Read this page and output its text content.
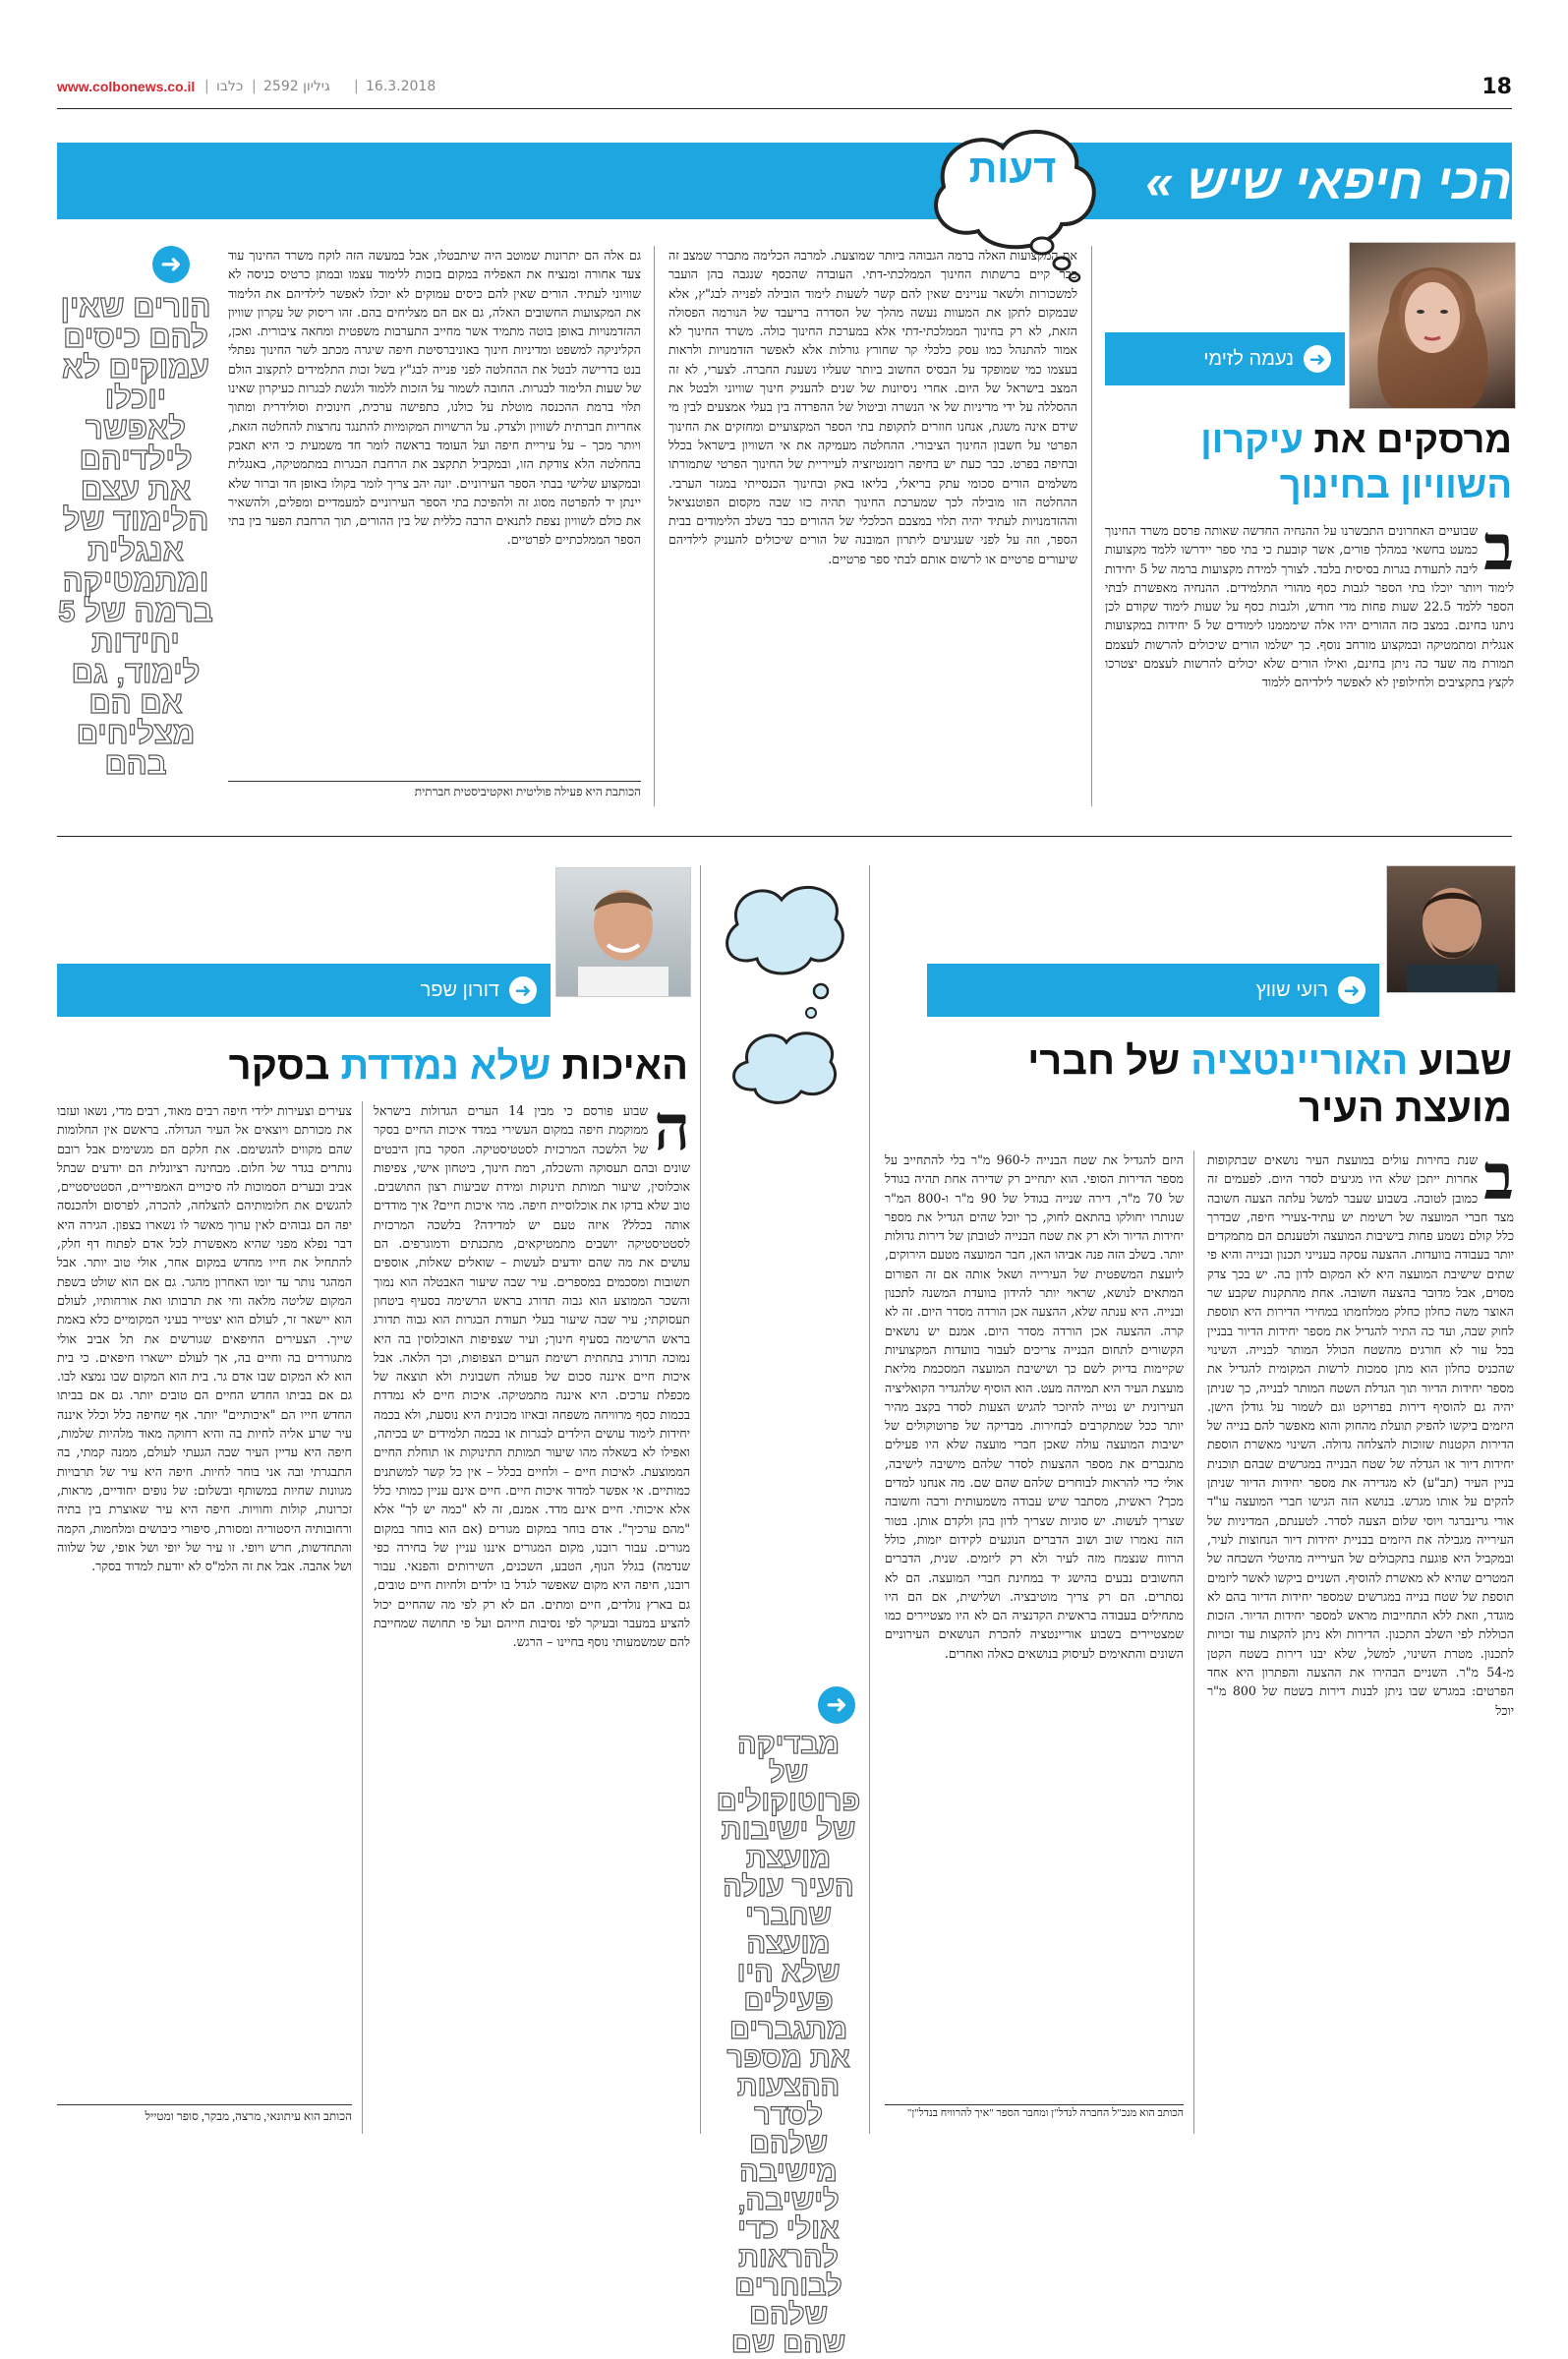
www.colbonews.co.il | כלבו | גיליון 2592 | 16.3.2018	18
הכי חיפאי שיש
»
דעות
➜
נעמה לזימי
מרסקים את עיקרון
השוויון בחינוך
ב
שבועיים האחרונים התבשרנו על ההנחיה החדשה שאותה פרסם משרד החינוך כמעט בחשאי במהלך פורים, אשר קובעת כי בתי ספר יידרשו ללמד מקצועות ליבה לתעודת בגרות בסיסית בלבד. לצורך למידת מקצועות ברמה של 5 יחידות לימוד ויותר יוכלו בתי הספר לגבות כסף מהורי התלמידים. ההנחיה מאפשרת לבתי הספר ללמד 22.5 שעות פחות מדי חודש, ולגבות כסף על שעות לימוד שקודם לכן ניתנו בחינם. במצב כזה ההורים יהיו אלה שימממנו לימודים של 5 יחידות במקצועות אנגלית ומתמטיקה ובמקצוע מורחב נוסף. כך ישלמו הורים שיכולים להרשות לעצמם תמורת מה שעד כה ניתן בחינם, ואילו הורים שלא יכולים להרשות לעצמם יצטרכו לקצץ בתקציבים ולחילופין לא לאפשר לילדיהם ללמוד
את המקצועות האלה ברמה הגבוהה ביותר שמוצעת. למרבה הכלימה מתברר שמצב זה כבר קיים ברשתות החינוך הממלכתי-דתי. העובדה שהכסף שנגבה בהן הועבר למשכורות ולשאר עניינים שאין להם קשר לשעות לימוד הובילה לפנייה לבג"ץ, אלא שבמקום לתקן את המעוות נעשה מהלך של הסדרה בריעבד של הנורמה הפסולה הזאת, לא רק בחינוך הממלכתי-דתי אלא במערכת החינוך כולה. משרד החינוך לא אמור להתנהל כמו עסק כלכלי קר שחורץ גורלות אלא לאפשר הזדמנויות ולראות בעצמו כמי שמופקד על הבסיס החשוב ביותר שעליו נשענת החברה. לצערי, לא זה המצב בישראל של היום. אחרי ניסיונות של שנים להעניק חינוך שוויוני ולבטל את ההסללה על ידי מדיניות של אי הנשרה וביטול של ההפרדה בין בעלי אמצעים לבין מי שידם אינה משגת, אנחנו חוזרים לתקופת בתי הספר המקצועיים ומחזקים את החינוך הפרטי על חשבון החינוך הציבורי. ההחלטה מעמיקה את אי השוויון בישראל בכלל ובחיפה בפרט. כבר כעת יש בחיפה רומנטיזציה לעייריית של החינוך הפרטי שתמורתו משלמים הורים סכומי עתק בריאלי, בליאו באק ובחינוך הכנסייתי במגזר הערבי. ההחלטה הזו מובילה לכך שמערכת החינוך תהיה כזו שבה מקסום הפוטנציאל וההזדמנויות לעתיד יהיה תלוי במצבם הכלכלי של ההורים כבר בשלב הלימודים בבית הספר, וזה על לפני שעגיעים ליתרון המובנה של הורים שיכולים להעניק לילדיהם שיעורים פרטיים או לרשום אותם לבתי ספר פרטיים.
גם אלה הם יתרונות שמוטב היה שיתבטלו, אבל במעשה הזה לוקח משרד החינוך עוד צעד אחורה ומנציח את האפליה במקום בזכות ללימוד עצמו ובמתן כרטיס כניסה לא שוויוני לעתיד. הורים שאין להם כיסים עמוקים לא יוכלו לאפשר לילדיהם את הלימוד את המקצועות החשובים האלה, גם אם הם מצליחים בהם. זהו ריסוק של עקרון שוויון ההזדמנויות באופן בוטה מתמיד אשר מחייב התערבות משפטית ומחאה ציבורית. ואכן, הקליניקה למשפט ומדיניות חינוך באוניברסיטת חיפה שיגרה מכתב לשר החינוך נפתלי בנט בדרישה לבטל את ההחלטה לפני פנייה לבג"ץ בשל זכות התלמידים לתקצוב הולם של שעות הלימוד לבגרות. החובה לשמור על הזכות ללמוד ולגשת לבגרות כעיקרון שאינו תלוי ברמת ההכנסה מוטלת על כולנו, כתפישה ערכית, חינוכית וסולידרית ומתוך אחריות חברתית לשוויון ולצדק. על הרשויות המקומיות להתנגד נחרצות להחלטה הזאת, ויותר מכך – על עיריית חיפה ועל העומד בראשה לומר חד משמעית כי היא תאבק בהחלטה הלא צודקת הזו, ובמקביל תתקצב את הרחבת הבגרות במתמטיקה, באנגלית ובמקצוע שלישי בבתי הספר העירוניים. יונה יהב צריך לומר בקולו באופן חד וברור שלא יינתן יד להפרטה מסוג זה ולהפיכת בתי הספר העירוניים למעמדיים ומפלים, ולהשאיר את כולם לשוויון נצפת לתנאים הרבה כללית של בין ההורים, תוך הרחבת הפער בין בתי הספר הממלכתיים לפרטיים.
הכותבת היא פעילה פוליטית ואקטיביסטית חברתית
➜
הורים שאין להם כיסים עמוקים לא יוכלו לאפשר לילדיהם את עצם הלימוד של אנגלית ומתמטיקה ברמה של 5 יחידות לימוד, גם אם הם מצליחים בהם
➜
רועי שווץ
שבוע האוריינטציה של חברי
מועצת העיר
ב
שנת בחירות עולים במועצת העיר נושאים שבתקופות אחרות ייתכן שלא היו מגיעים לסדר היום. לפעמים זה כמובן לטובה. בשבוע שעבר למשל עלתה הצעה חשובה מצד חברי המועצה של רשימת יש עתיד-צעירי חיפה, שבדרך כלל קולם נשמע פחות בישיבות המועצה ולטענתם הם מתמקדים יותר בעבודה בוועדות. ההצעה עסקה בענייני תכנון ובנייה והיא פי שתים שישיבת המועצה היא לא המקום לדון בה. יש בכך צדק מסוים, אבל מדובר בהצעה חשובה. אחת מהתקנות שקבע שר האוצר משה כחלון כחלק ממלחמתו במחירי הדירות היא תוספת לחוק שבה, ועד כה התיר להגדיל את מספר יחידות הדיור בבניין בכל עור לא חורגים מהשטח הכולל המותר לבנייה. השינוי שהכניס כחלון הוא מתן סמכות לרשות המקומית להגדיל את מספר יחידות הדיור תוך הגדלת השטח המותר לבנייה, כך שניתן יהיה גם להוסיף דירות בפרויקט וגם לשמור על גודלן הישן. היזמים ביקשו להפיק תועלת מהחוק והוא מאפשר להם בנייה של הדירות הקטנות שזוכות להצלחה גדולה. השינוי מאשרת הוספת יחידות דיור או הגדלה של שטח הבנייה במגרשים שבהם תוכנית בניין העיר (תב"ע) לא מגדירה את מספר יחידות הדיור שניתן להקים על אותו מגרש. בנושא הזה הגישו חברי המועצה עו"ד אורי גרינברגר ויוסי שלום הצעה לסדר. לטענתם, המדיניות של העירייה מגבילה את היזמים בבניית יחידות דיור הנחוצות לעיר, ובמקביל היא פוגעת בתקבולים של העירייה מהיטלי השבחה של המטרים שהיא לא מאשרת להוסיף. השניים ביקשו לאשר ליזמים תוספת של שטח בנייה במגרשים שמספר יחידות הדיור בהם לא מוגדר, וזאת ללא התחייבות מראש למספר יחידות הדיור. הזכות הכוללת לפי השלב התכנון. הדירות ולא ניתן להקצות עוד זכויות לתכנון. מטרת השינוי, למשל, שלא יבנו דירות בשטח הקטן מ-54 מ"ר. השניים הבהירו את ההצעה והפתרון היא אחד הפרטים: במגרש שבו ניתן לבנות דירות בשטח של 800 מ"ר יוכל
היזם להגדיל את שטח הבנייה ל-960 מ"ר בלי להתחייב על מספר הדירות הסופי. הוא יתחייב רק שדירה אחת תהיה בגודל של 70 מ"ר, דירה שנייה בגודל של 90 מ"ר ו-800 המ"ר שנותרו יחולקו בהתאם לחוק, כך יוכל שהים הגדיל את מספר יחידות הדיור ולא רק את שטח הבנייה לטובתן של דירות גדולות יותר. בשלב הזה פנה אביהו האן, חבר המועצה מטעם הירוקים, ליועצת המשפטית של העירייה ושאל אותה אם זה הפורום המתאים לנושא, שראוי יותר להידון בוועדת המשנה לתכנון ובנייה. היא ענתה שלא, ההצעה אכן הורדה מסדר היום. זה לא קרה. ההצעה אכן הורדה מסדר היום. אמנם יש נושאים הקשורים לתחום הבנייה צריכים לעבור בוועדות המקצועיות שקיימות בדיוק לשם כך ושישיבת המועצה המסכמת מליאת מועצת העיר היא תמיהה מעט. הוא הוסיף שלהגדיר הקואליציה העירונית יש נטייה להיזכר להגיש הצעות לסדר בקצב מהיר יותר ככל שמתקרבים לבחירות. מבדיקה של פרוטוקולים של ישיבות המועצה עולה שאכן חברי מועצה שלא היו פעילים מתגברים את מספר ההצעות לסדר שלהם מישיבה לישיבה, אולי כדי להראות לבוחרים שלהם שהם שם. מה אנחנו למדים מכך? ראשית, מסתבר שיש עבודה משמעותית ורבה וחשובה שצריך לעשות. יש סוגיות שצריך לדון בהן ולקדם אותן. בטור הזה נאמרו שוב ושוב הדברים הנוגעים לקידום יזמות, כולל הרווח שנצמח מזה לעיר ולא רק ליזמים. שנית, הדברים החשובים נבעים בהישג יד במחינת חברי המועצה. הם לא נסתרים. הם רק צריך מוטיבציה. ושלישית, אם הם היו מתחילים בעבודה בראשית הקדנציה הם לא היו מצטיירים כמו שמצטיירים בשבוע אוריינטציה להכרת הנושאים העירוניים השונים והתאימים לעיסוק בנושאים כאלה ואחרים.
הכותב הוא מנכ"ל החברה לנדל"ן ומחבר הספר "איך להרוויח בנדל"ן"
➜
מבדיקה של פרוטוקולים של ישיבות מועצת העיר עולה שחברי מועצה שלא היו פעילים מתגברים את מספר ההצעות לסדר שלהם מישיבה לישיבה, אולי כדי להראות לבוחרים שלהם שהם שם
➜
דורון שפר
האיכות שלא נמדדת בסקר
ה
שבוע פורסם כי מבין 14 הערים הגדולות בישראל ממוקמת חיפה במקום העשירי במדד איכות החיים בסקר של הלשכה המרכזית לסטטיסטיקה. הסקר בחן היבטים שונים ובהם תעסוקה והשכלה, רמת חינוך, ביטחון אישי, צפיפות אוכלוסין, שיעור תמותת תינוקות ומידת שביעות רצון התושבים. טוב שלא בדקו את אוכלוסיית חיפה. מהי איכות חיים? איך מודדים אותה בכלל? איזה טעם יש למדידה? בלשכה המרכזית לסטטיסטיקה יושבים מתמטיקאים, מתכנתים ודמוגרפים. הם עושים את מה שהם יודעים לעשות – שואלים שאלות, אוספים תשובות ומסכמים במספרים. עיר שבה שיעור האבטלה הוא נמוך והשכר הממוצע הוא גבוה תדורג בראש הרשימה בסעיף ביטחון תעסוקתי; עיר שבה שיעור בעלי תעודת הבגרות הוא גבוה תדורג בראש הרשימה בסעיף חינוך; ועיר שצפיפות האוכלוסין בה היא נמוכה תדורג בתחתית רשימת הערים הצפופות, וכך הלאה. אבל איכות חיים איננה סכום של פעולה חשבונית ולא תוצאה של מכפלת ערכים. היא איננה מתמטיקה. איכות חיים לא נמדדת בכמות כסף מרוויחה משפחה ובאיזו מכונית היא נוסעת, ולא בכמה יחידות לימוד עושים הילדים לבגרות או בכמה תלמידים יש בכיתה, ואפילו לא בשאלה מהו שיעור תמותת התינוקות או תוחלת החיים הממוצעת. לאיכות חיים – ולחיים בכלל – אין כל קשר למשתנים כמותיים. אי אפשר למדוד איכות חיים. חיים אינם עניין כמותי כלל אלא איכותי. חיים אינם מדד. אמנם, זה לא "כמה יש לך" אלא "מהם ערכיך". אדם בוחר במקום מגורים (אם הוא בוחר במקום מגורים. עבור רובנו, מקום המגורים איננו עניין של בחירה כפי שנדמה) בגלל הנוף, הטבע, השכנים, השירותים והפנאי. עבור רובנו, חיפה היא מקום שאפשר לגדל בו ילדים ולחיות חיים טובים, גם בארץ נולדים, חיים ומתים. הם לא רק לפי מה שהחיים יכול להציע במעבר ובעיקר לפי נסיבות חייהם ועל פי תחושה שמחייבת להם שמשמעותי נוסף בחיינו – הרגש.
צעירים וצעירות ילידי חיפה רבים מאוד, רבים מדי, נשאו ועזבו את מכורתם ויוצאים אל העיר הגדולה. בראשם אין החלומות שהם מקווים להגשימם. את חלקם הם מגשימים אבל רובם נותרים בגדר של חלום. מבחינה רציונלית הם יודעים שבתל אביב ובערים הסמוכות לה סיכויים האמפיריים, הסטטיסטיים, להגשים את חלומותיהם להצלחה, להכרה, לפרסום ולהכנסה יפה הם גבוהים לאין ערוך מאשר לו נשארו בצפון. הגירה היא דבר נפלא מפני שהיא מאפשרת לכל אדם לפתוח דף חלק, להתחיל את חייו מחדש במקום אחר, אולי טוב יותר. אבל המהגר נותר עד יומו האחרון מהגר. גם אם הוא שולט בשפת המקום שליטה מלאה וחי את תרבותו ואת אורחותיו, לעולם הוא יישאר זר, לעולם הוא יצטייר בעיני המקומיים כלא באמת שייך. הצעירים החיפאים שגורשים את תל אביב אולי מתגוררים בה וחיים בה, אך לעולם יישארו חיפאים. כי בית הוא לא המקום שבו אדם גר. בית הוא המקום שבו נמצא לבו. גם אם בביתו החדש החיים הם טובים יותר. גם אם בביתו החדש חייו הם "איכותיים" יותר. אף שחיפה כלל וכלל איננה עיר שרע אליה לחיות בה והיא רחוקה מאוד מלהיות שלמות, חיפה היא עדיין העיר שבה הגעתי לעולם, ממנה קמתי, בה התבגרתי ובה אני בוחר לחיות. חיפה היא עיר של תרבויות מגוונות שחיות במשותף ובשלום: של נופים יחודיים, מראות, זכרונות, קולות וחוויות. חיפה היא עיר שאוצרת בין בתיה ורחובותיה היסטוריה ומסורת, סיפורי כיבושים ומלחמות, הקמה והתחדשות, חרש ויופי. זו עיר של יופי ושל אופי, של שלווה ושל אהבה. אבל את זה הלמ"ס לא יודעת למדוד בסקר.
הכותב הוא עיתונאי, מרצה, מבקר, סופר ומטייל
